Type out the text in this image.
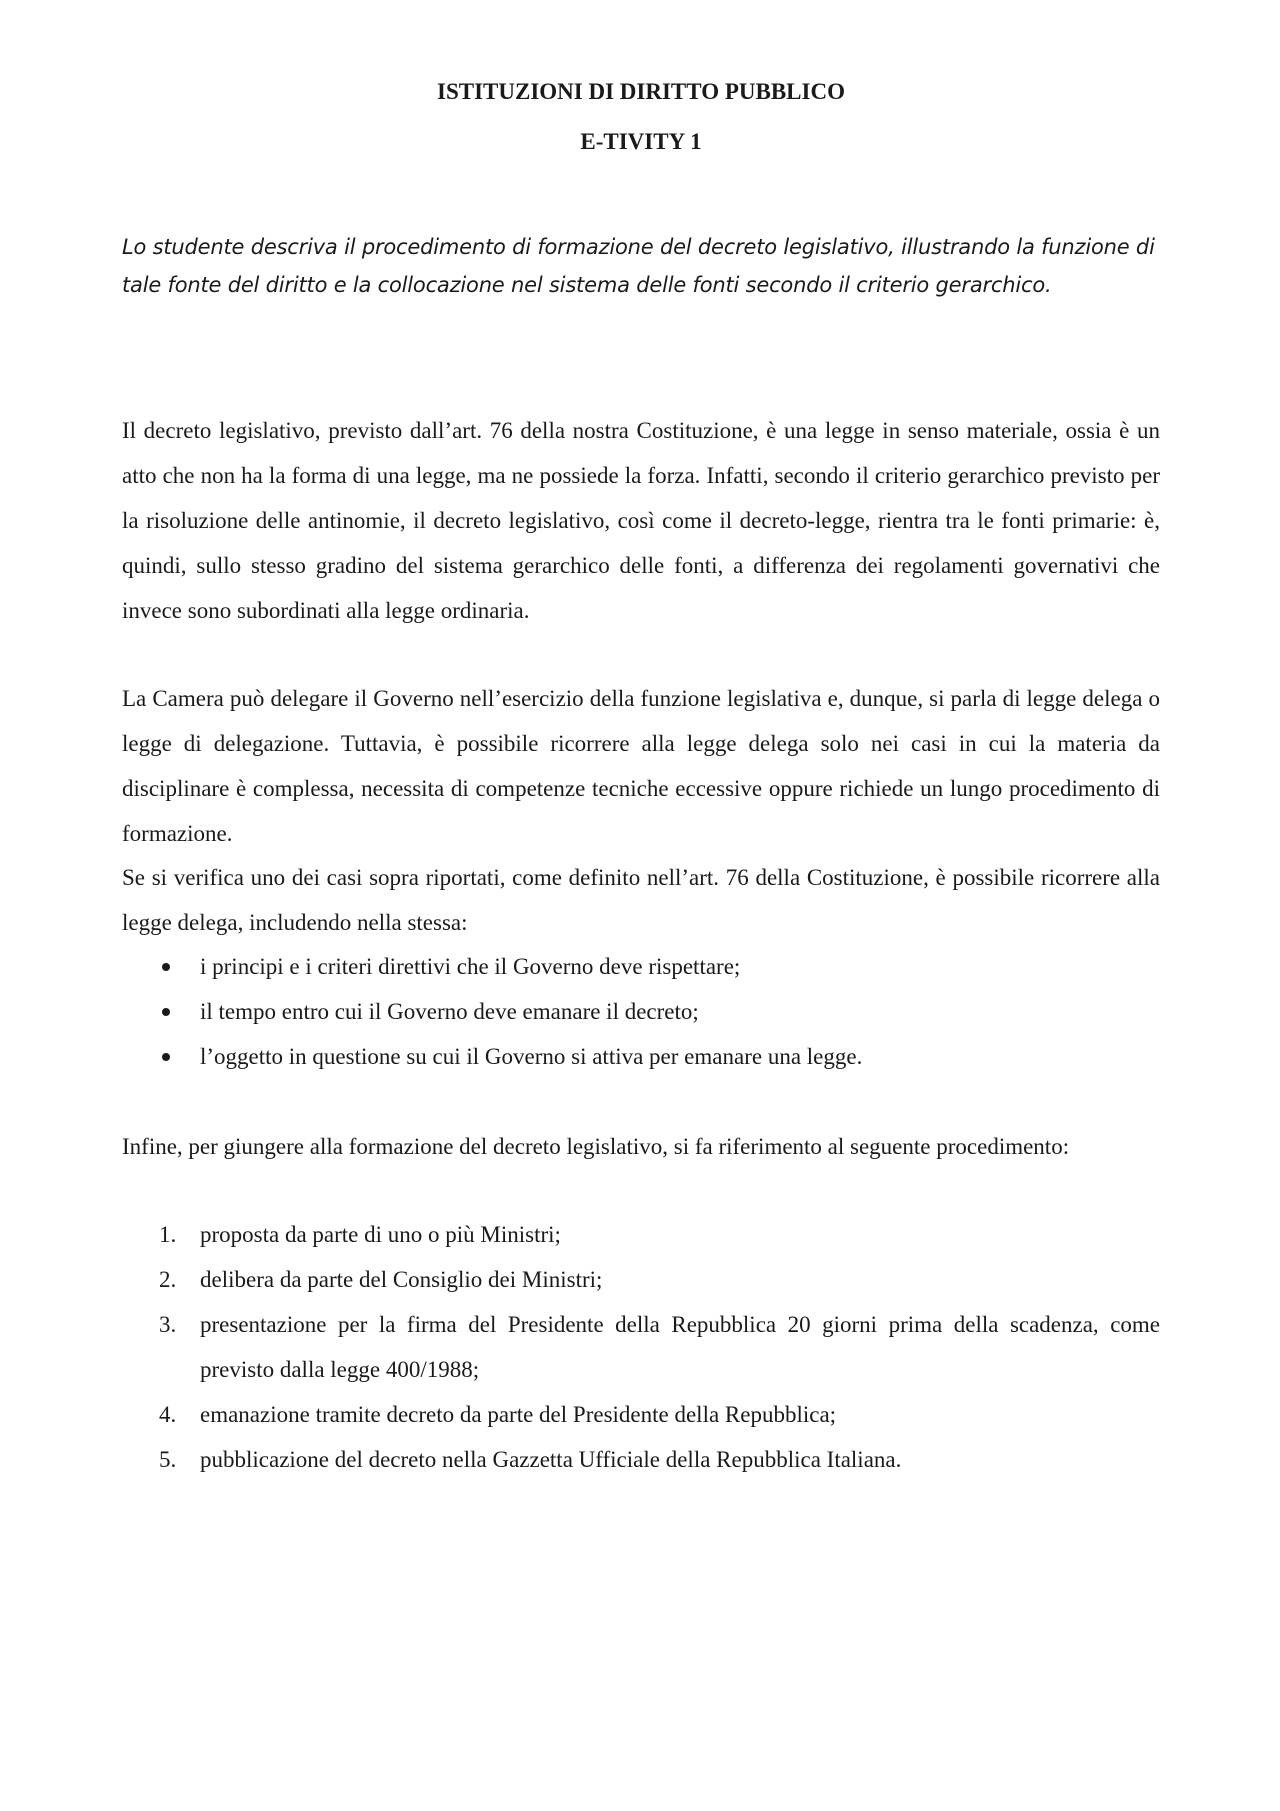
ISTITUZIONI DI DIRITTO PUBBLICO
E-TIVITY 1

Lo studente descriva il procedimento di formazione del decreto legislativo, illustrando la funzione di tale fonte del diritto e la collocazione nel sistema delle fonti secondo il criterio gerarchico.

Il decreto legislativo, previsto dall’art. 76 della nostra Costituzione, è una legge in senso materiale, ossia è un atto che non ha la forma di una legge, ma ne possiede la forza. Infatti, secondo il criterio gerarchico previsto per la risoluzione delle antinomie, il decreto legislativo, così come il decreto-legge, rientra tra le fonti primarie: è, quindi, sullo stesso gradino del sistema gerarchico delle fonti, a differenza dei regolamenti governativi che invece sono subordinati alla legge ordinaria.

La Camera può delegare il Governo nell’esercizio della funzione legislativa e, dunque, si parla di legge delega o legge di delegazione. Tuttavia, è possibile ricorrere alla legge delega solo nei casi in cui la materia da disciplinare è complessa, necessita di competenze tecniche eccessive oppure richiede un lungo procedimento di formazione.

Se si verifica uno dei casi sopra riportati, come definito nell’art. 76 della Costituzione, è possibile ricorrere alla legge delega, includendo nella stessa:

i principi e i criteri direttivi che il Governo deve rispettare;
il tempo entro cui il Governo deve emanare il decreto;
l’oggetto in questione su cui il Governo si attiva per emanare una legge.

Infine, per giungere alla formazione del decreto legislativo, si fa riferimento al seguente procedimento:

1. proposta da parte di uno o più Ministri;
2. delibera da parte del Consiglio dei Ministri;
3. presentazione per la firma del Presidente della Repubblica 20 giorni prima della scadenza, come previsto dalla legge 400/1988;
4. emanazione tramite decreto da parte del Presidente della Repubblica;
5. pubblicazione del decreto nella Gazzetta Ufficiale della Repubblica Italiana.
